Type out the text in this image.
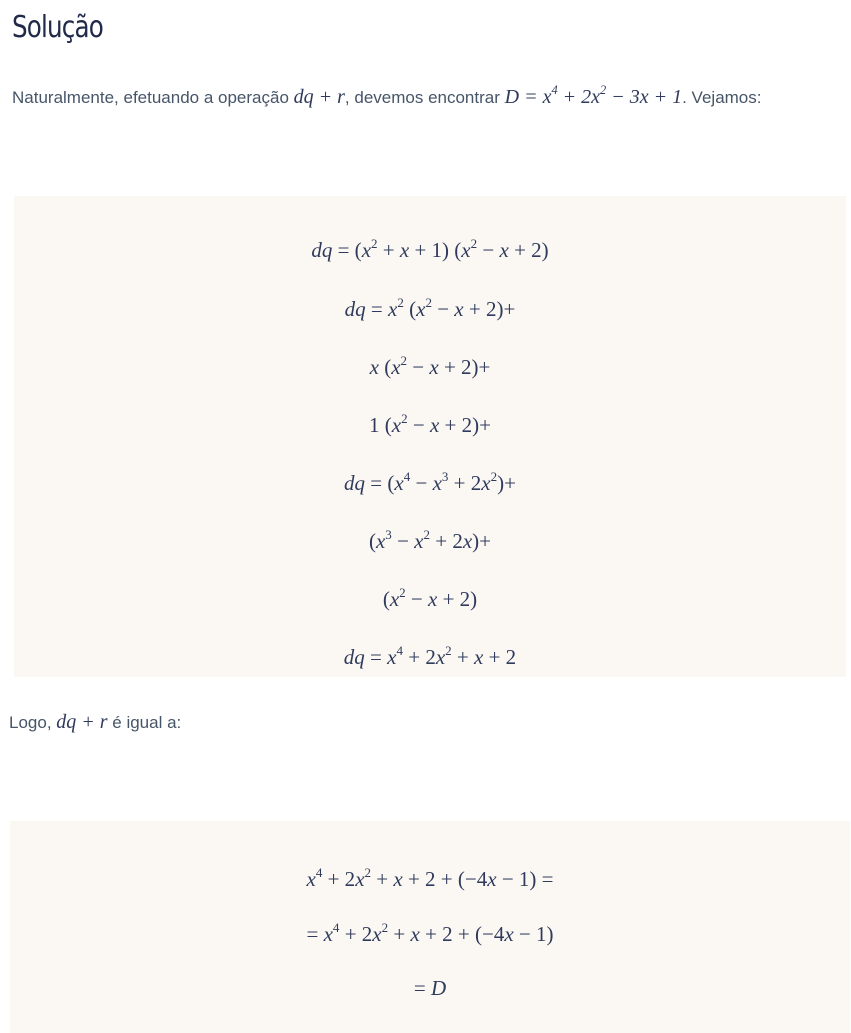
Solução
Naturalmente, efetuando a operação dq + r, devemos encontrar $D = x^4 + 2x^2 - 3x + 1$. Vejamos:
dq = $(x^2 + x + 1) (x^2 - x + 2)$
dq = $x^2$ $(x^2 - x + 2)+$
x $(x^2 - x + 2)+$
1 $(x^2 - x + 2)+$
dq = $(x^4 - x^3 + 2x^2)+$
$(x^3 - x^2 + 2x)+$
$(x^2 - x + 2)$
dq = $x^4 + 2x^2 + x + 2$
Logo, dq + r é igual a:
$x^4 + 2x^2 + x + 2 + (-4x - 1)$ =
= $x^4 + 2x^2 + x + 2 + (-4x - 1)$
= D
